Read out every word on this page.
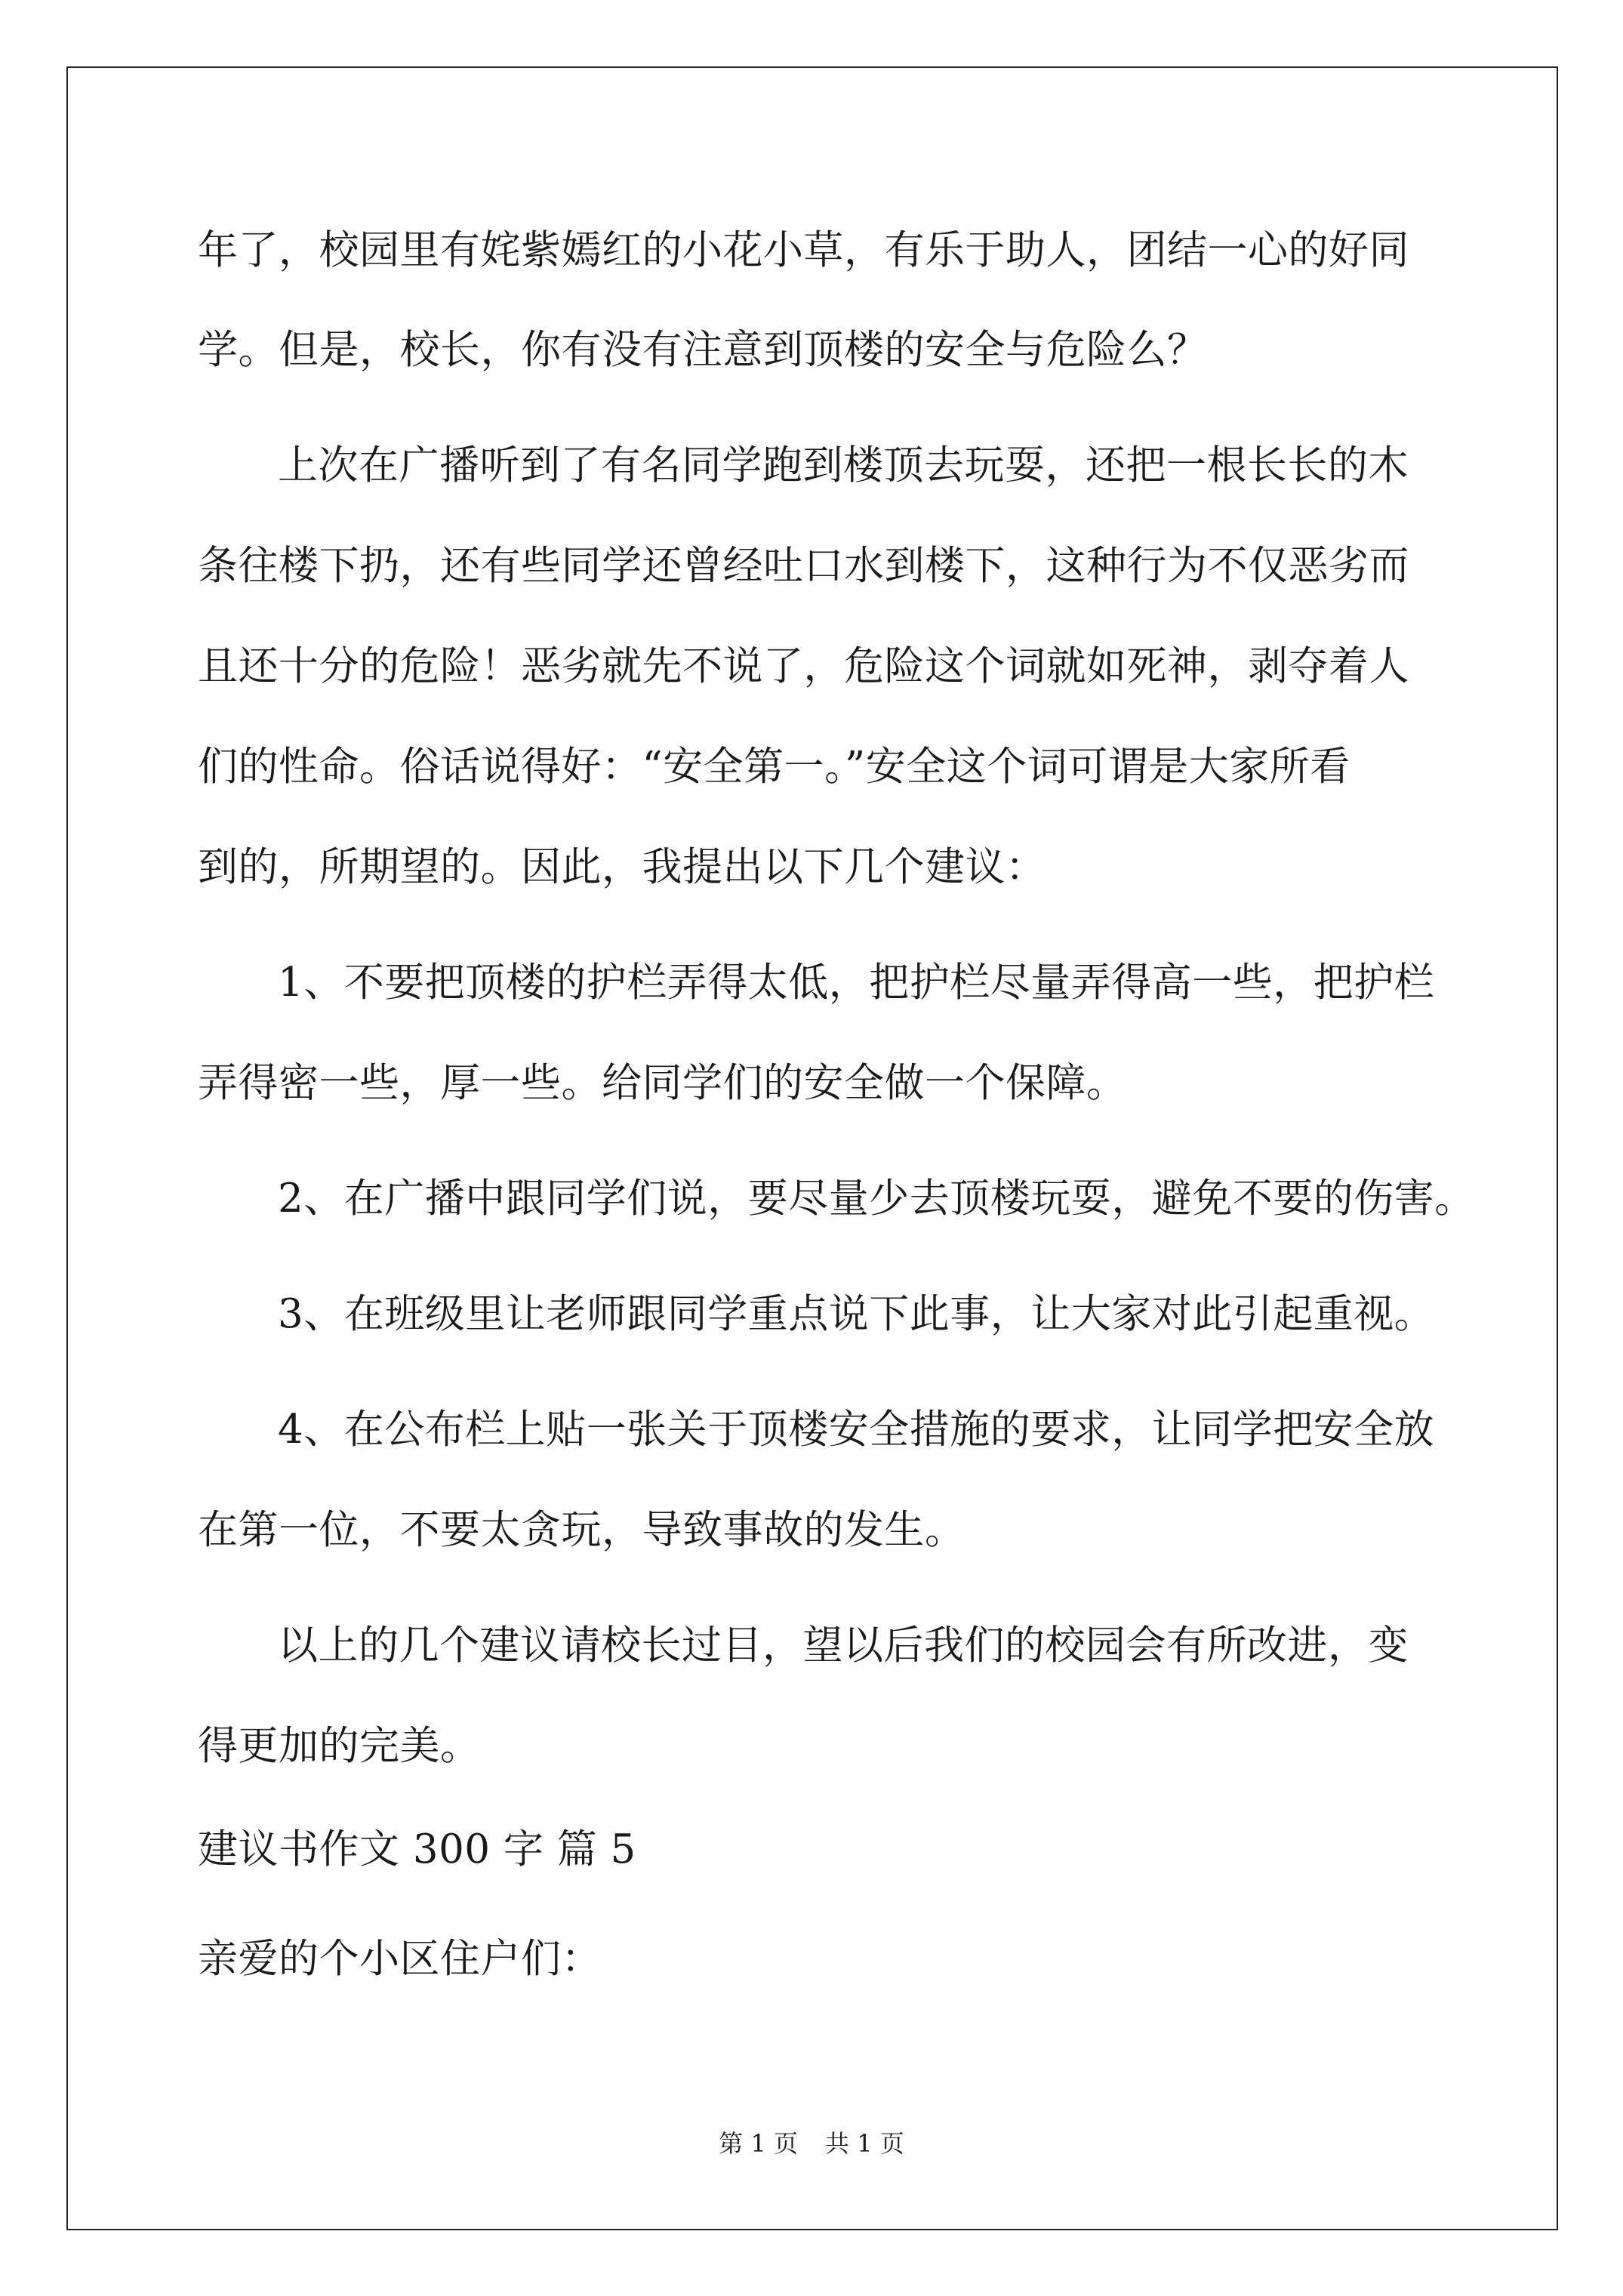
年了，校园里有姹紫嫣红的小花小草，有乐于助人，团结一心的好同
学。但是，校长，你有没有注意到顶楼的安全与危险么？
上次在广播听到了有名同学跑到楼顶去玩耍，还把一根长长的木
条往楼下扔，还有些同学还曾经吐口水到楼下，这种行为不仅恶劣而
且还十分的危险！恶劣就先不说了，危险这个词就如死神，剥夺着人
们的性命。俗话说得好：“安全第一。”安全这个词可谓是大家所看
到的，所期望的。因此，我提出以下几个建议：
1、不要把顶楼的护栏弄得太低，把护栏尽量弄得高一些，把护栏
弄得密一些，厚一些。给同学们的安全做一个保障。
2、在广播中跟同学们说，要尽量少去顶楼玩耍，避免不要的伤害。
3、在班级里让老师跟同学重点说下此事，让大家对此引起重视。
4、在公布栏上贴一张关于顶楼安全措施的要求，让同学把安全放
在第一位，不要太贪玩，导致事故的发生。
以上的几个建议请校长过目，望以后我们的校园会有所改进，变
得更加的完美。
建议书作文 300 字 篇 5
亲爱的个小区住户们：
第 1 页 共 1 页
